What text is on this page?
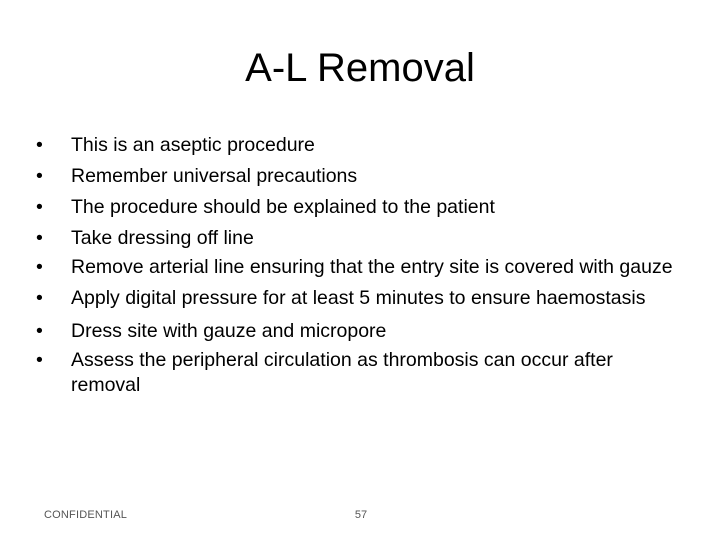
A-L Removal
•	This is an aseptic procedure
•	Remember universal precautions
•	The procedure should be explained to the patient
•	Take dressing off line
•	Remove arterial line ensuring that the entry site is covered with gauze
•	Apply digital pressure for at least 5 minutes to ensure haemostasis
•	Dress site with gauze and micropore
•	Assess the peripheral circulation as thrombosis can occur after removal
CONFIDENTIAL	57
